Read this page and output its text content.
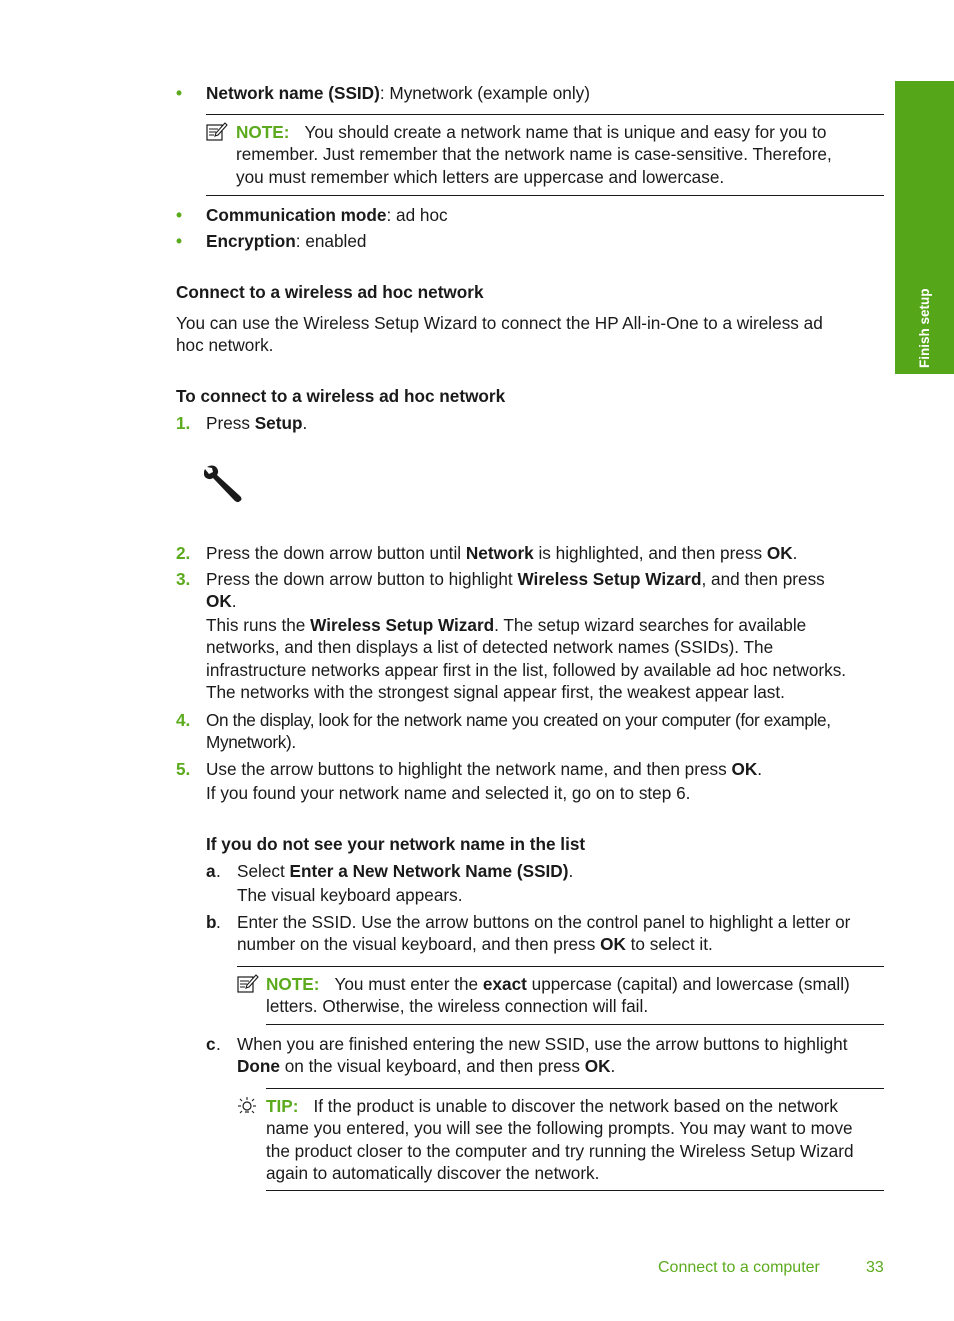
Finish setup
• Network name (SSID): Mynetwork (example only)
NOTE: You should create a network name that is unique and easy for you to
remember. Just remember that the network name is case-sensitive. Therefore,
you must remember which letters are uppercase and lowercase.
• Communication mode: ad hoc
• Encryption: enabled
Connect to a wireless ad hoc network
You can use the Wireless Setup Wizard to connect the HP All-in-One to a wireless ad
hoc network.
To connect to a wireless ad hoc network
1. Press Setup.
2. Press the down arrow button until Network is highlighted, and then press OK.
3. Press the down arrow button to highlight Wireless Setup Wizard, and then press
OK.
This runs the Wireless Setup Wizard. The setup wizard searches for available
networks, and then displays a list of detected network names (SSIDs). The
infrastructure networks appear first in the list, followed by available ad hoc networks.
The networks with the strongest signal appear first, the weakest appear last.
4. On the display, look for the network name you created on your computer (for example,
Mynetwork).
5. Use the arrow buttons to highlight the network name, and then press OK.
If you found your network name and selected it, go on to step 6.
If you do not see your network name in the list
a . Select Enter a New Network Name (SSID).
The visual keyboard appears.
b . Enter the SSID. Use the arrow buttons on the control panel to highlight a letter or
number on the visual keyboard, and then press OK to select it.
NOTE: You must enter the exact uppercase (capital) and lowercase (small)
letters. Otherwise, the wireless connection will fail.
c . When you are finished entering the new SSID, use the arrow buttons to highlight
Done on the visual keyboard, and then press OK.
TIP: If the product is unable to discover the network based on the network
name you entered, you will see the following prompts. You may want to move
the product closer to the computer and try running the Wireless Setup Wizard
again to automatically discover the network.
Connect to a computer	33
